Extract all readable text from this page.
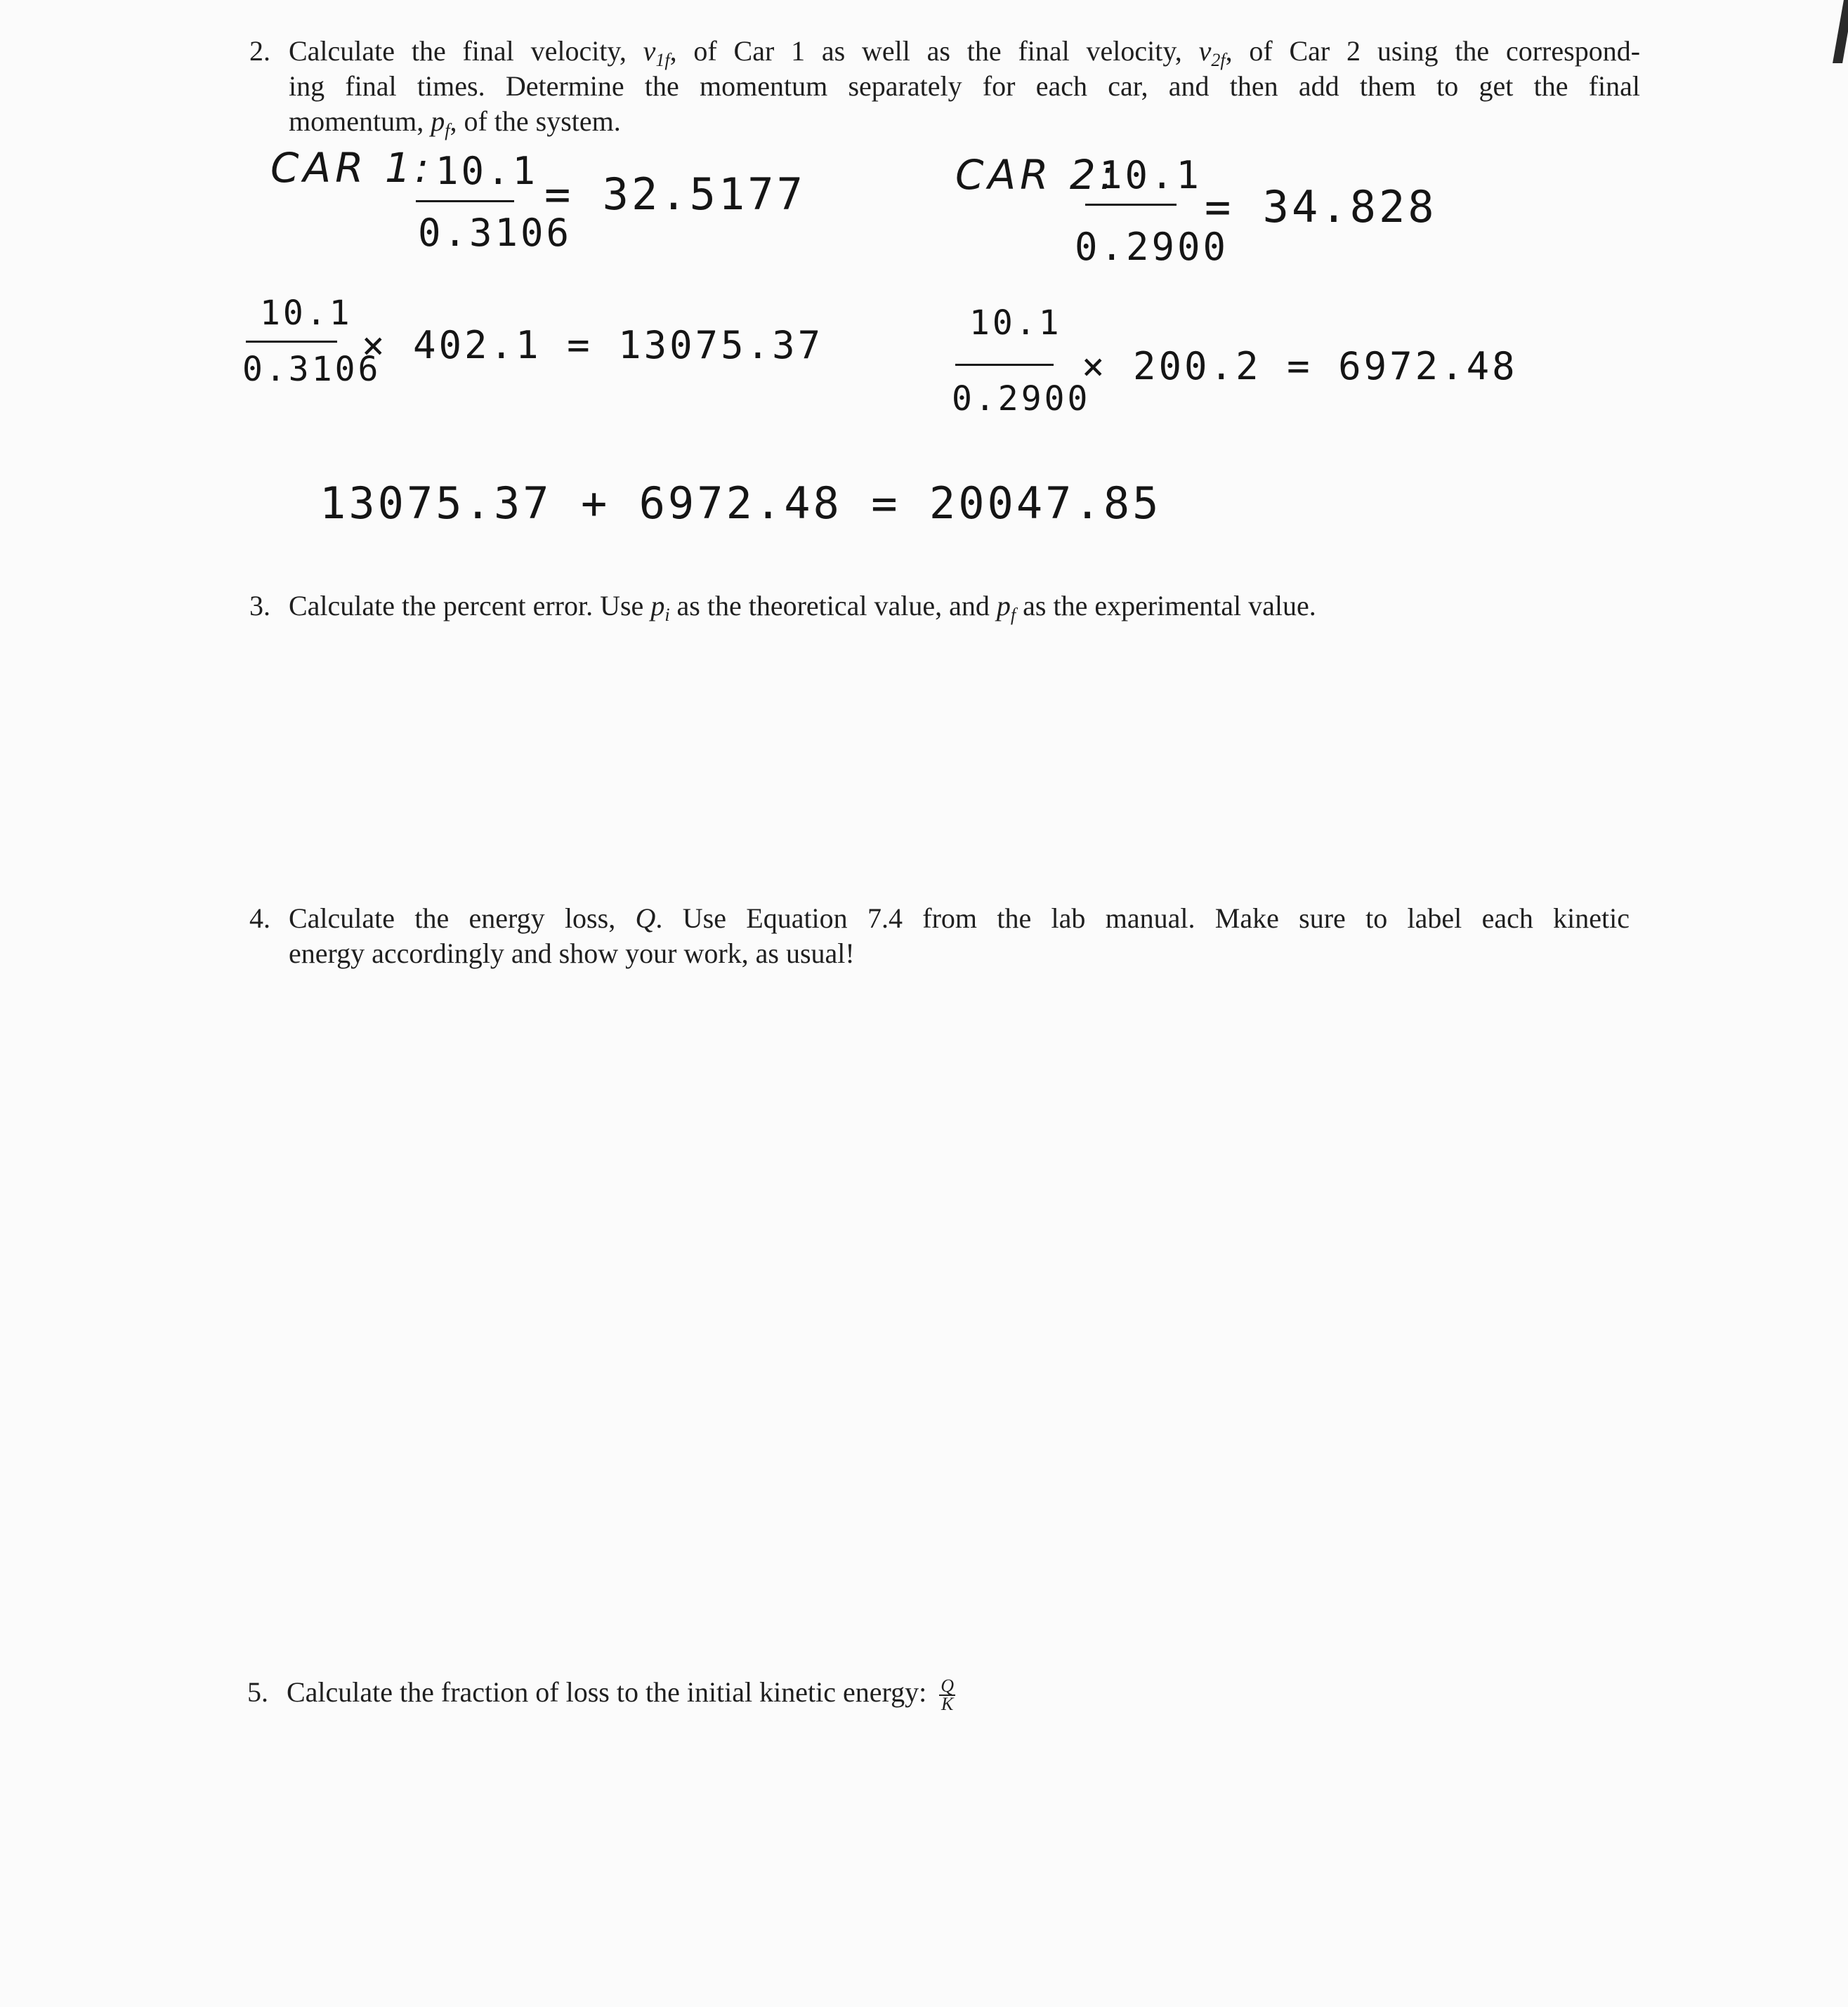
2. Calculate the final velocity, $v_{1f}$, of Car 1 as well as the final velocity, $v_{2f}$, of Car 2 using the correspond-
ing final times. Determine the momentum separately for each car, and then add them to get the final
momentum, $p_f$, of the system.
CAR 1: 10.1
0.3106
= 32.5177	CAR 2:
10.1
0.2900
= 34.828
10.1
0.3106
× 402.1 = 13075.37	10.1
0.2900
× 200.2 = 6972.48
13075.37 + 6972.48 = 20047.85
3. Calculate the percent error. Use $p_i$ as the theoretical value, and $p_f$ as the experimental value.
4. Calculate the energy loss, Q. Use Equation 7.4 from the lab manual. Make sure to label each kinetic
energy accordingly and show your work, as usual!
5. Calculate the fraction of loss to the initial kinetic energy: $\frac{Q}{K}$
